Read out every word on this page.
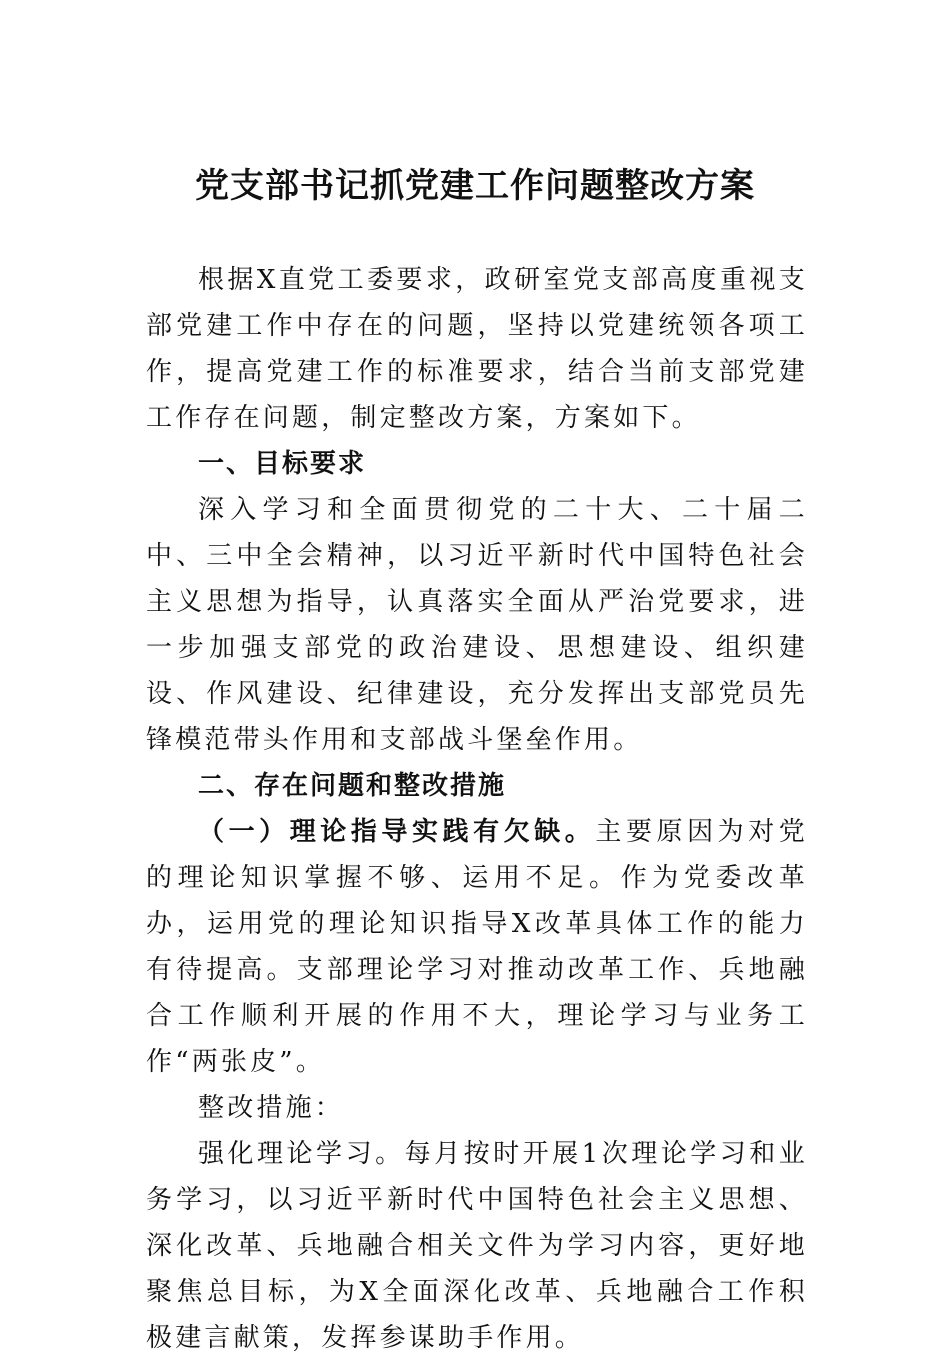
党支部书记抓党建工作问题整改方案

根据X直党工委要求，政研室党支部高度重视支部党建工作中存在的问题，坚持以党建统领各项工作，提高党建工作的标准要求，结合当前支部党建工作存在问题，制定整改方案，方案如下。

一、目标要求

深入学习和全面贯彻党的二十大、二十届二中、三中全会精神，以习近平新时代中国特色社会主义思想为指导，认真落实全面从严治党要求，进一步加强支部党的政治建设、思想建设、组织建设、作风建设、纪律建设，充分发挥出支部党员先锋模范带头作用和支部战斗堡垒作用。

二、存在问题和整改措施

（一）理论指导实践有欠缺。主要原因为对党的理论知识掌握不够、运用不足。作为党委改革办，运用党的理论知识指导X改革具体工作的能力有待提高。支部理论学习对推动改革工作、兵地融合工作顺利开展的作用不大，理论学习与业务工作“两张皮”。

整改措施：

强化理论学习。每月按时开展1次理论学习和业务学习，以习近平新时代中国特色社会主义思想、深化改革、兵地融合相关文件为学习内容，更好地聚焦总目标，为X全面深化改革、兵地融合工作积极建言献策，发挥参谋助手作用。
